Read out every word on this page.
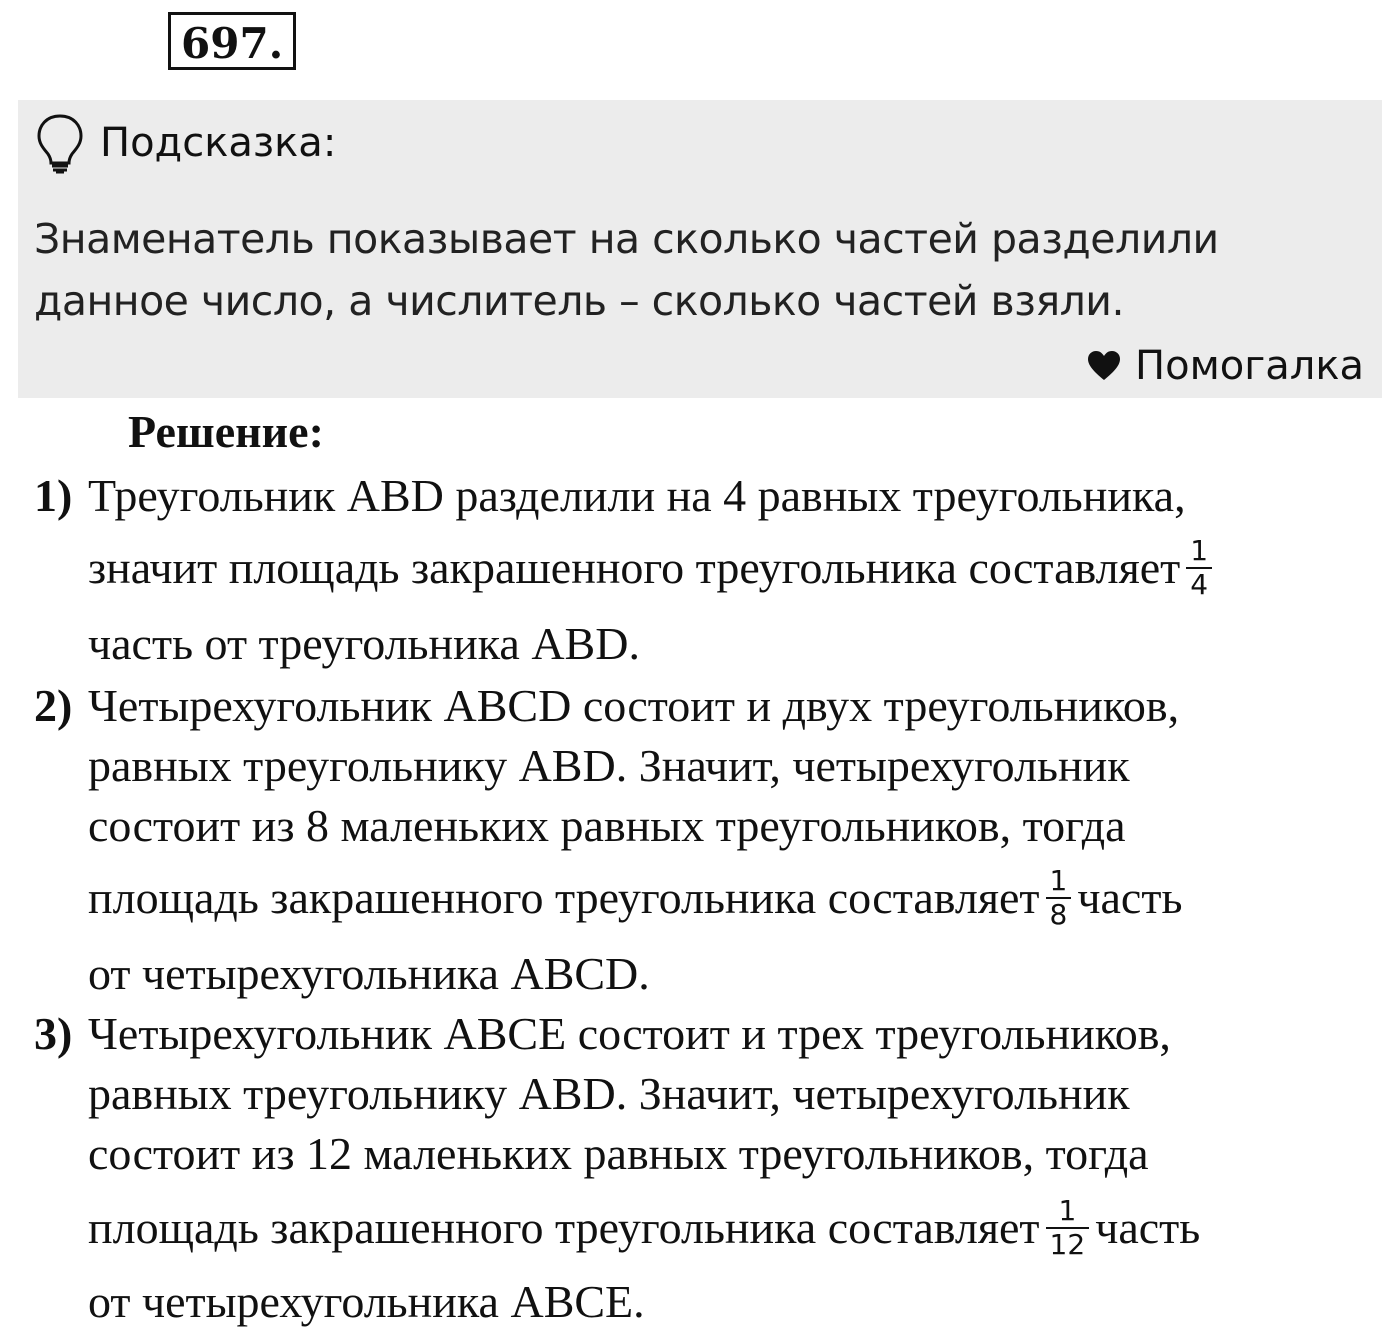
697.
Подсказка:
Знаменатель показывает на сколько частей разделили
данное число, а числитель – сколько частей взяли.
Помогалка
Решение:
1) Треугольник ABD разделили на 4 равных треугольника,
значит площадь закрашенного треугольника составляет $\frac{1}{4}$
часть от треугольника ABD.
2) Четырехугольник ABCD состоит и двух треугольников,
равных треугольнику ABD. Значит, четырехугольник
состоит из 8 маленьких равных треугольников, тогда
площадь закрашенного треугольника составляет $\frac{1}{8}$ часть
от четырехугольника ABCD.
3) Четырехугольник ABCE состоит и трех треугольников,
равных треугольнику ABD. Значит, четырехугольник
состоит из 12 маленьких равных треугольников, тогда
площадь закрашенного треугольника составляет $\frac{1}{12}$ часть
от четырехугольника ABCE.
